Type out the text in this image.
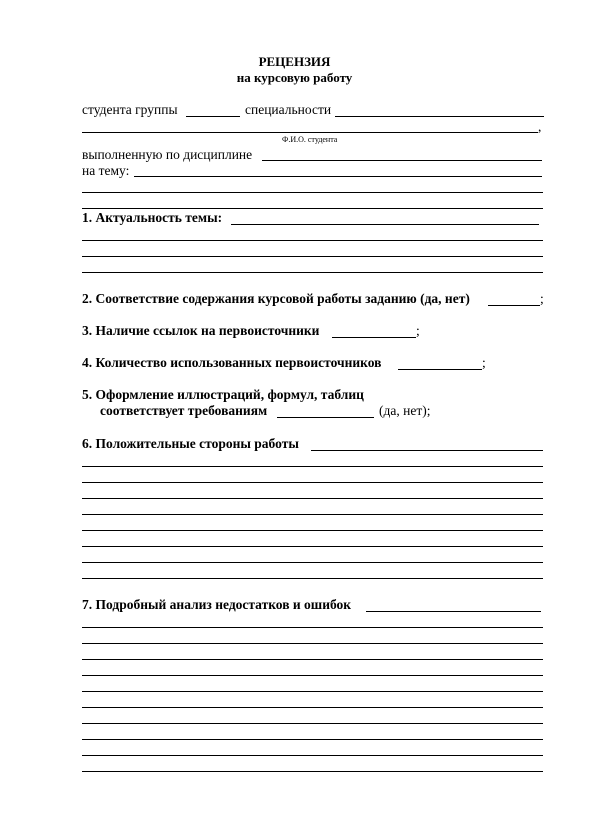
РЕЦЕНЗИЯ
на курсовую работу
студента группы	специальности
,
Ф.И.О. студента
выполненную по дисциплине
на тему:
1. Актуальность темы:
2. Соответствие содержания курсовой работы заданию (да, нет)	;
3. Наличие ссылок на первоисточники	;
4. Количество использованных первоисточников	;
5. Оформление иллюстраций, формул, таблиц
соответствует требованиям	(да, нет);
6. Положительные стороны работы
7. Подробный анализ недостатков и ошибок
